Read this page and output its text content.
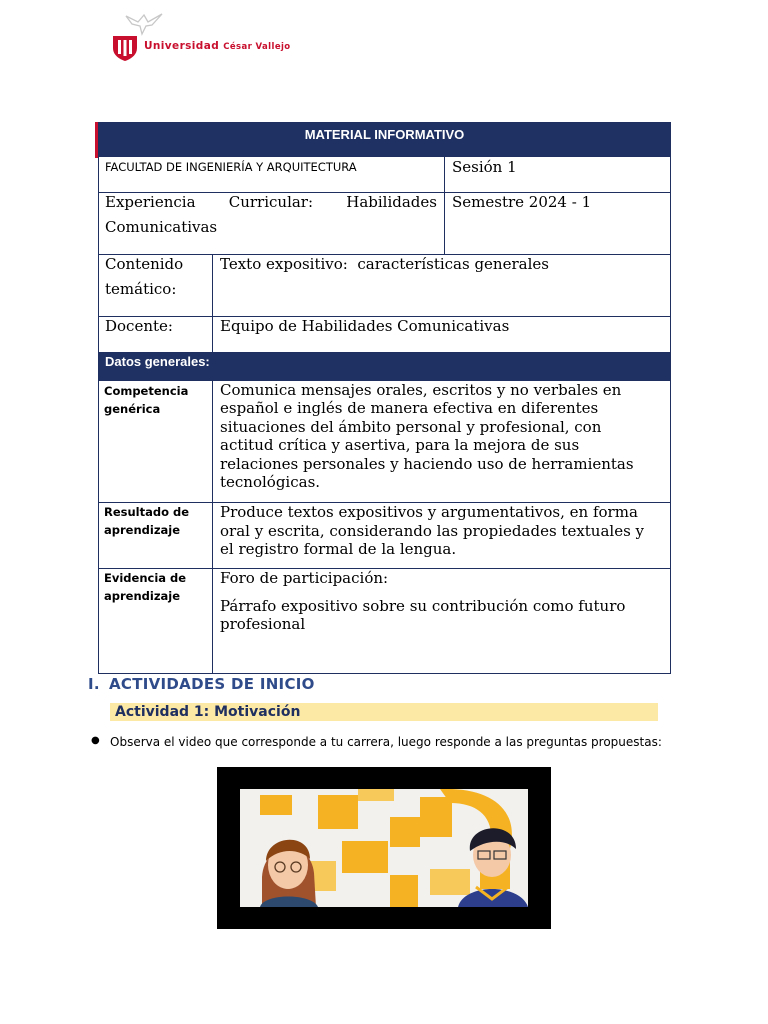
Universidad César Vallejo
MATERIAL INFORMATIVO
FACULTAD DE INGENIERÍA Y ARQUITECTURA	Sesión 1
Experiencia Curricular: Habilidades
Comunicativas
Semestre 2024 - 1
Contenido
temático:
Texto expositivo:  características generales
Docente:	Equipo de Habilidades Comunicativas
Datos generales:
Competencia
genérica
Comunica mensajes orales, escritos y no verbales en
español e inglés de manera efectiva en diferentes
situaciones del ámbito personal y profesional, con
actitud crítica y asertiva, para la mejora de sus
relaciones personales y haciendo uso de herramientas
tecnológicas.
Resultado de
aprendizaje
Produce textos expositivos y argumentativos, en forma
oral y escrita, considerando las propiedades textuales y
el registro formal de la lengua.
Evidencia de
aprendizaje
Foro de participación:
Párrafo expositivo sobre su contribución como futuro
profesional
I. ACTIVIDADES DE INICIO
Actividad 1: Motivación
● Observa el video que corresponde a tu carrera, luego responde a las preguntas propuestas:
